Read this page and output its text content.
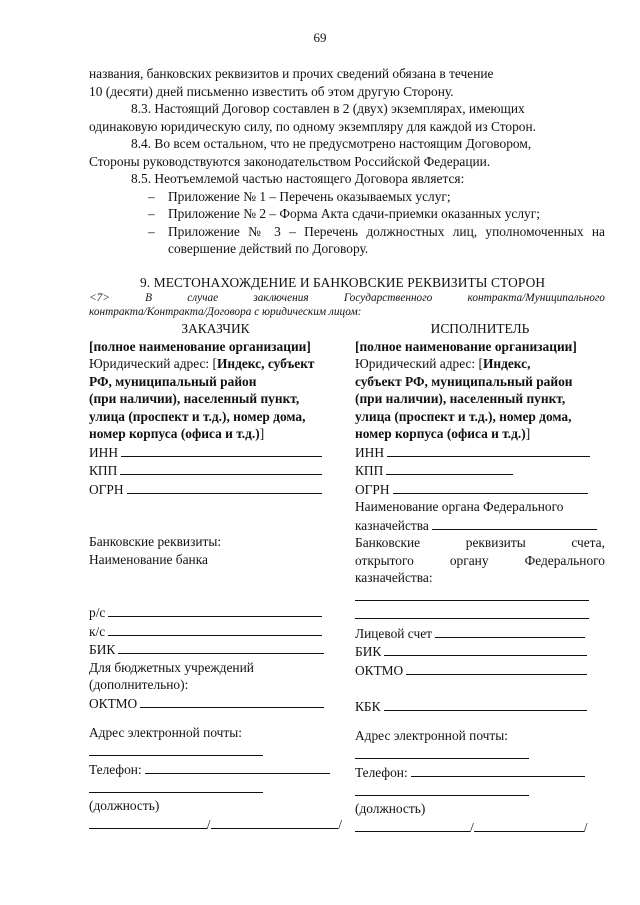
69

названия, банковских реквизитов и прочих сведений обязана в течение
10 (десяти) дней письменно известить об этом другую Сторону.

8.3. Настоящий Договор составлен в 2 (двух) экземплярах, имеющих
одинаковую юридическую силу, по одному экземпляру для каждой из Сторон.

8.4. Во всем остальном, что не предусмотрено настоящим Договором,
Стороны руководствуются законодательством Российской Федерации.

8.5. Неотъемлемой частью настоящего Договора является:

– Приложение № 1 – Перечень оказываемых услуг;
– Приложение № 2 – Форма Акта сдачи-приемки оказанных услуг;
– Приложение № 3 – Перечень должностных лиц, уполномоченных на совершение действий по Договору.
9. МЕСТОНАХОЖДЕНИЕ И БАНКОВСКИЕ РЕКВИЗИТЫ СТОРОН
<7>	В	случае	заключения	Государственного	контракта/Муниципального
контракта/Контракта/Договора с юридическим лицом:
ЗАКАЗЧИК
[полное наименование организации]
Юридический адрес: [Индекс, субъект
РФ, муниципальный район
(при наличии), населенный пункт,
улица (проспект и т.д.), номер дома,
номер корпуса (офиса и т.д.)]
ИНН
КПП
ОГРН
Банковские реквизиты:
Наименование банка
р/с
к/с
БИК
Для бюджетных учреждений
(дополнительно):
ОКТМО
Адрес электронной почты:
Телефон:
(должность)
/	/
ИСПОЛНИТЕЛЬ
[полное наименование организации]
Юридический адрес: [Индекс,
субъект РФ, муниципальный район
(при наличии), населенный пункт,
улица (проспект и т.д.), номер дома,
номер корпуса (офиса и т.д.)]
ИНН
КПП
ОГРН
Наименование органа Федерального
казначейства
Банковские	реквизиты	счета,
открытого	органу	Федерального
казначейства:
Лицевой счет
БИК
ОКТМО
КБК
Адрес электронной почты:
Телефон:
(должность)
/	/
